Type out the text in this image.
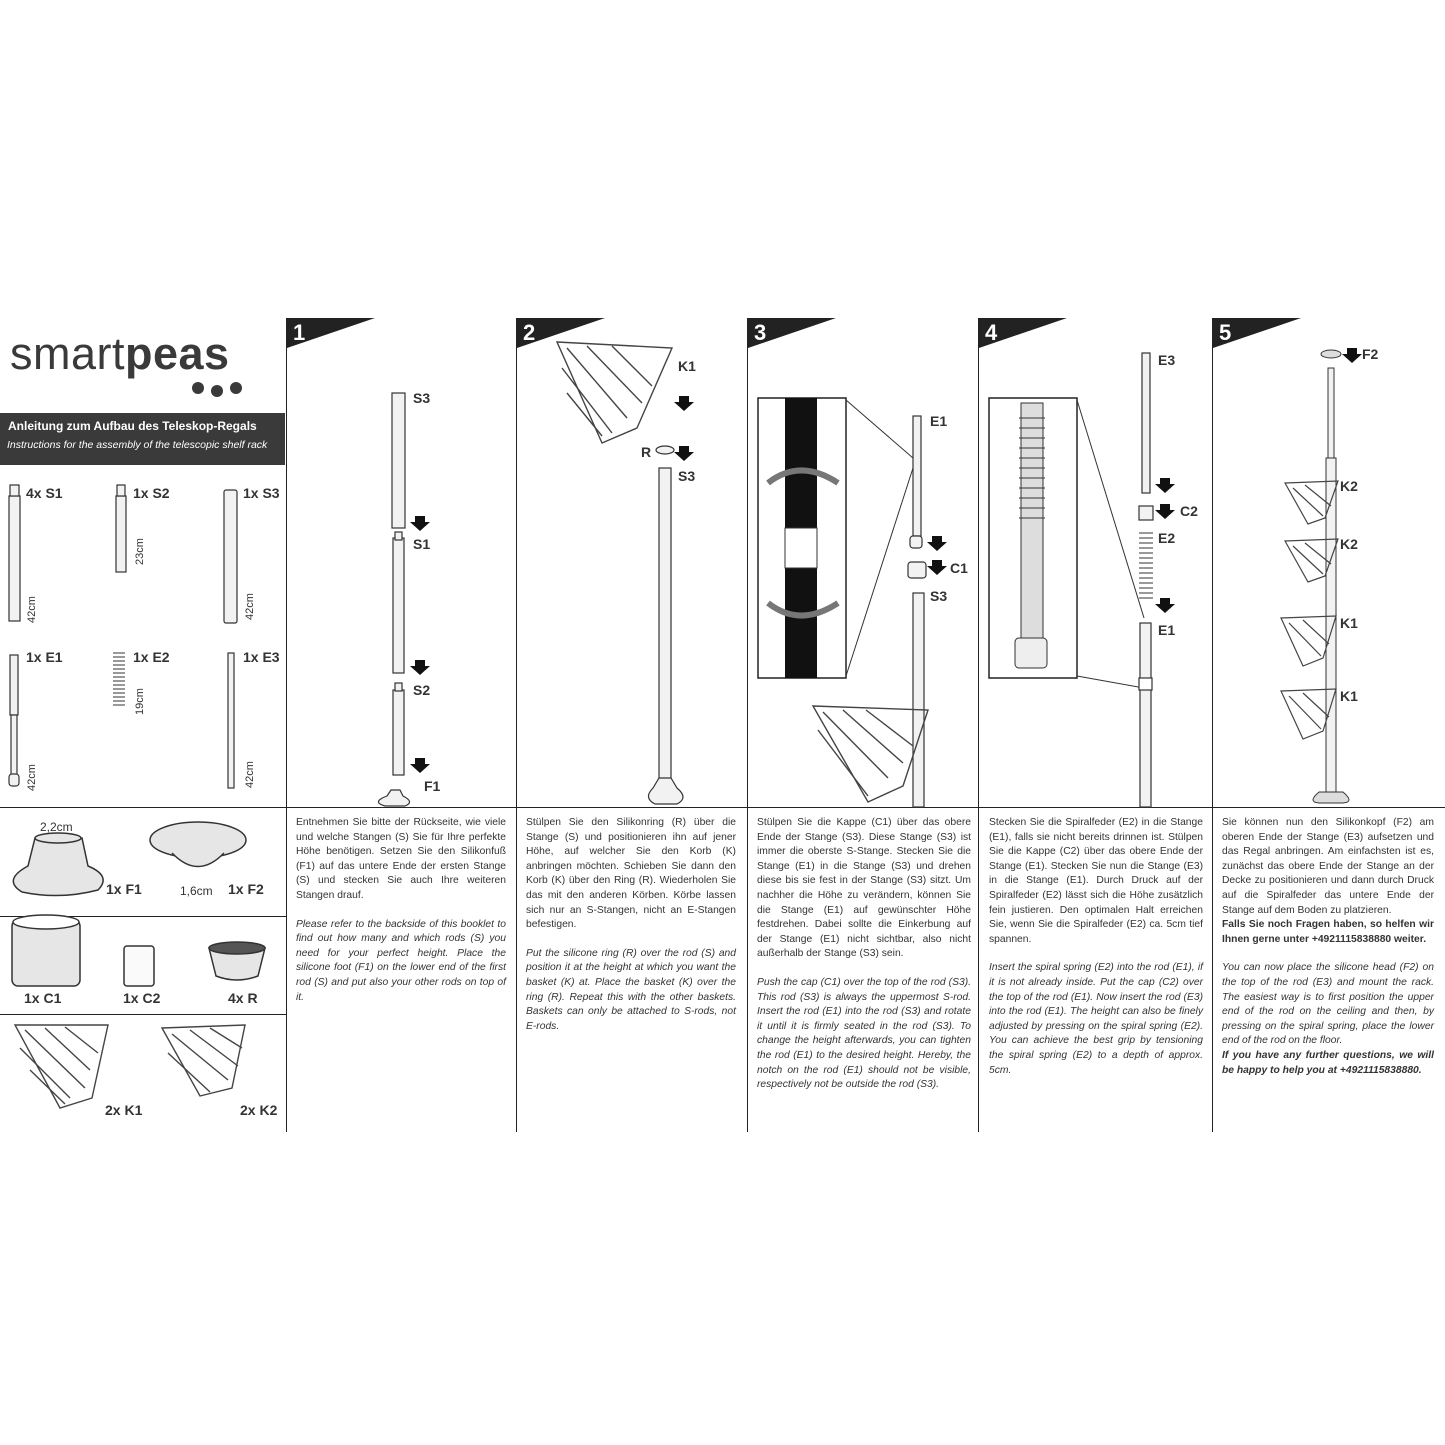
smartpeas
Anleitung zum Aufbau des Teleskop-Regals
Instructions for the assembly of the telescopic shelf rack
4x S1	1x S2	1x S3
1x E1	1x E2	1x E3
42cm
23cm
42cm
19cm
42cm	42cm
2,2cm
1x F1	1,6cm 1x F2
1x C1	1x C2	4x R
2x K1	2x K2
1	2	3	4	5
S3
S1
S2
F1
K1
R
S3
E1
C1
S3
E3
C2
E2
E1
F2
K2
K2
K1
K1

Entnehmen Sie bitte der Rückseite, wie viele und welche Stangen (S) Sie für Ihre perfekte Höhe benötigen. Setzen Sie den Silikonfuß (F1) auf das untere Ende der ersten Stange (S) und stecken Sie auch Ihre weiteren Stangen drauf.

Please refer to the backside of this booklet to find out how many and which rods (S) you need for your perfect height. Place the silicone foot (F1) on the lower end of the first rod (S) and put also your other rods on top of it.

Stülpen Sie den Silikonring (R) über die Stange (S) und positionieren ihn auf jener Höhe, auf welcher Sie den Korb (K) anbringen möchten. Schieben Sie dann den Korb (K) über den Ring (R). Wiederholen Sie das mit den anderen Körben. Körbe lassen sich nur an S-Stangen, nicht an E-Stangen befestigen.

Put the silicone ring (R) over the rod (S) and position it at the height at which you want the basket (K) at. Place the basket (K) over the ring (R). Repeat this with the other baskets. Baskets can only be attached to S-rods, not E-rods.

Stülpen Sie die Kappe (C1) über das obere Ende der Stange (S3). Diese Stange (S3) ist immer die oberste S-Stange. Stecken Sie die Stange (E1) in die Stange (S3) und drehen diese bis sie fest in der Stange (S3) sitzt. Um nachher die Höhe zu verändern, können Sie die Stange (E1) auf gewünschter Höhe festdrehen. Dabei sollte die Einkerbung auf der Stange (E1) nicht sichtbar, also nicht außerhalb der Stange (S3) sein.

Push the cap (C1) over the top of the rod (S3). This rod (S3) is always the uppermost S-rod. Insert the rod (E1) into the rod (S3) and rotate it until it is firmly seated in the rod (S3). To change the height afterwards, you can tighten the rod (E1) to the desired height. Hereby, the notch on the rod (E1) should not be visible, respectively not be outside the rod (S3).

Stecken Sie die Spiralfeder (E2) in die Stange (E1), falls sie nicht bereits drinnen ist. Stülpen Sie die Kappe (C2) über das obere Ende der Stange (E1). Stecken Sie nun die Stange (E3) in die Stange (E1). Durch Druck auf der Spiralfeder (E2) lässt sich die Höhe zusätzlich fein justieren. Den optimalen Halt erreichen Sie, wenn Sie die Spiralfeder (E2) ca. 5cm tief spannen.

Insert the spiral spring (E2) into the rod (E1), if it is not already inside. Put the cap (C2) over the top of the rod (E1). Now insert the rod (E3) into the rod (E1). The height can also be finely adjusted by pressing on the spiral spring (E2). You can achieve the best grip by tensioning the spiral spring (E2) to a depth of approx. 5cm.

Sie können nun den Silikonkopf (F2) am oberen Ende der Stange (E3) aufsetzen und das Regal anbringen. Am einfachsten ist es, zunächst das obere Ende der Stange an der Decke zu positionieren und dann durch Druck auf die Spiralfeder das untere Ende der Stange auf dem Boden zu platzieren.

Falls Sie noch Fragen haben, so helfen wir Ihnen gerne unter +4921115838880 weiter.

You can now place the silicone head (F2) on the top of the rod (E3) and mount the rack. The easiest way is to first position the upper end of the rod on the ceiling and then, by pressing on the spiral spring, place the lower end of the rod on the floor.

If you have any further questions, we will be happy to help you at +4921115838880.
